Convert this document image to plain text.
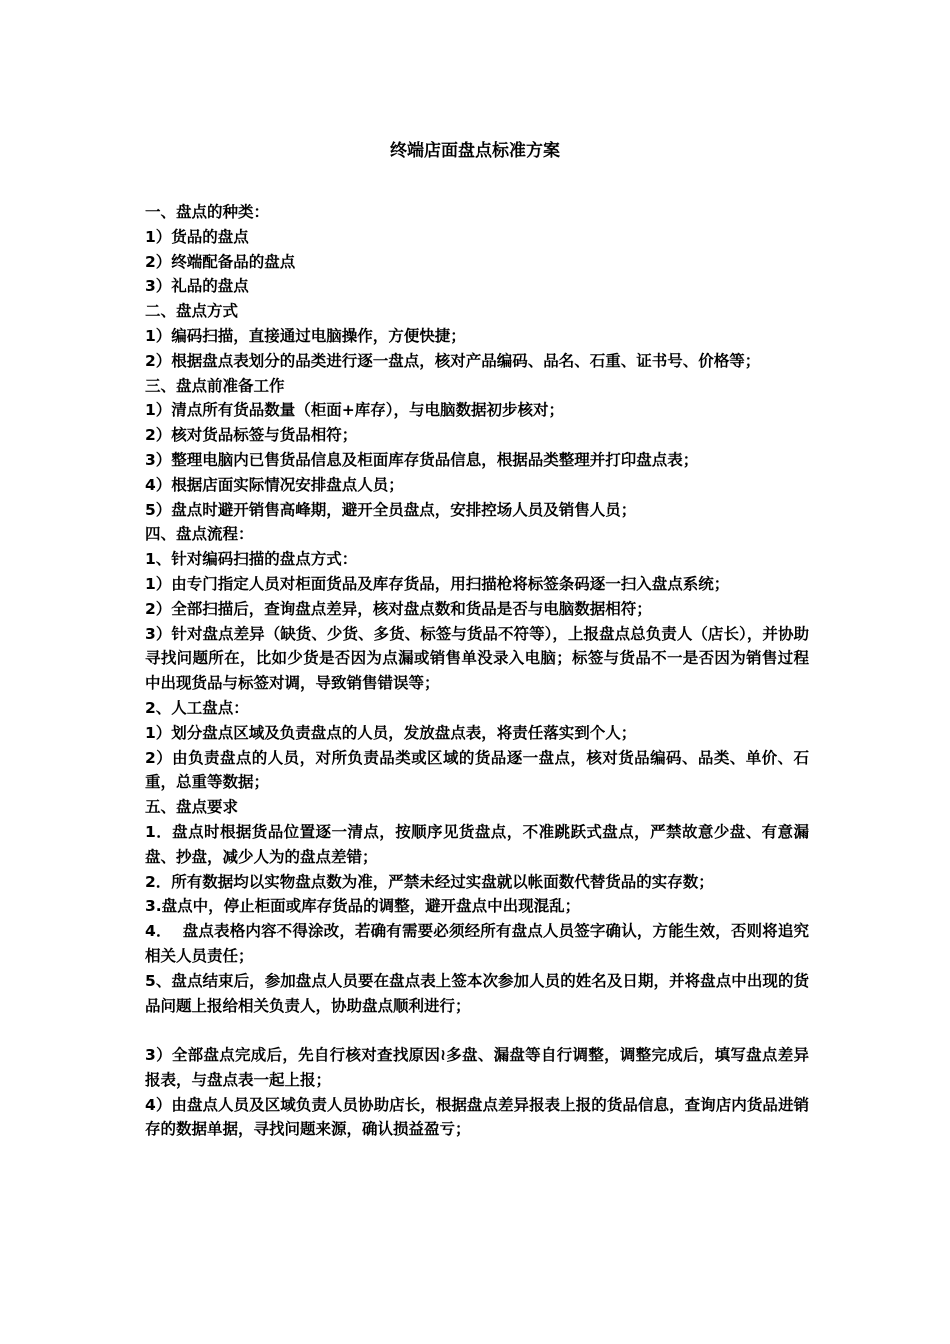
终端店面盘点标准方案
一、盘点的种类：
1）货品的盘点
2）终端配备品的盘点
3）礼品的盘点
二、盘点方式
1）编码扫描，直接通过电脑操作，方便快捷；
2）根据盘点表划分的品类进行逐一盘点，核对产品编码、品名、石重、证书号、价格等；
三、盘点前准备工作
1）清点所有货品数量（柜面+库存），与电脑数据初步核对；
2）核对货品标签与货品相符；
3）整理电脑内已售货品信息及柜面库存货品信息，根据品类整理并打印盘点表；
4）根据店面实际情况安排盘点人员；
5）盘点时避开销售高峰期，避开全员盘点，安排控场人员及销售人员；
四、盘点流程：
1、针对编码扫描的盘点方式：
1）由专门指定人员对柜面货品及库存货品，用扫描枪将标签条码逐一扫入盘点系统；
2）全部扫描后，查询盘点差异，核对盘点数和货品是否与电脑数据相符；
3）针对盘点差异（缺货、少货、多货、标签与货品不符等），上报盘点总负责人（店长），并协助寻找问题所在，比如少货是否因为点漏或销售单没录入电脑；标签与货品不一是否因为销售过程中出现货品与标签对调，导致销售错误等；
2、人工盘点：
1）划分盘点区域及负责盘点的人员，发放盘点表，将责任落实到个人；
2）由负责盘点的人员，对所负责品类或区域的货品逐一盘点，核对货品编码、品类、单价、石重，总重等数据；
五、盘点要求
1．盘点时根据货品位置逐一清点，按顺序见货盘点，不准跳跃式盘点，严禁故意少盘、有意漏盘、抄盘，减少人为的盘点差错；
2．所有数据均以实物盘点数为准，严禁未经过实盘就以帐面数代替货品的实存数；
3.盘点中，停止柜面或库存货品的调整，避开盘点中出现混乱；
4．  盘点表格内容不得涂改，若确有需要必须经所有盘点人员签字确认，方能生效，否则将追究相关人员责任；
5、盘点结束后，参加盘点人员要在盘点表上签本次参加人员的姓名及日期，并将盘点中出现的货品问题上报给相关负责人，协助盘点顺利进行；
3）全部盘点完成后，先自行核对查找原因≀多盘、漏盘等自行调整，调整完成后，填写盘点差异报表，与盘点表一起上报；
4）由盘点人员及区域负责人员协助店长，根据盘点差异报表上报的货品信息，查询店内货品进销存的数据单据，寻找问题来源，确认损益盈亏；
